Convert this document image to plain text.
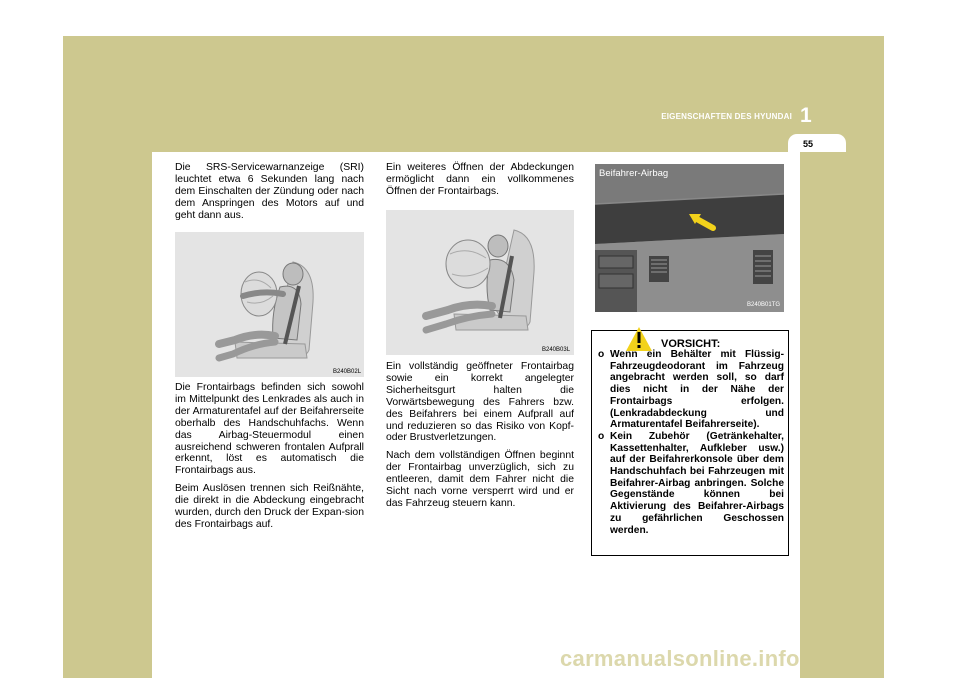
EIGENSCHAFTEN DES HYUNDAI 1
55

Die SRS-Servicewarnanzeige (SRI) leuchtet etwa 6 Sekunden lang nach dem Einschalten der Zündung oder nach dem Anspringen des Motors auf und geht dann aus.

B240B02L

Die Frontairbags befinden sich sowohl im Mittelpunkt des Lenkrades als auch in der Armaturentafel auf der Beifahrerseite oberhalb des Handschuhfachs. Wenn das Airbag-Steuermodul einen ausreichend schweren frontalen Aufprall erkennt, löst es automatisch die Frontairbags aus.

Beim Auslösen trennen sich Reißnähte, die direkt in die Abdeckung eingebracht wurden, durch den Druck der Expan-sion des Frontairbags auf.

Ein weiteres Öffnen der Abdeckungen ermöglicht dann ein vollkommenes Öffnen der Frontairbags.

B240B03L

Ein vollständig geöffneter Frontairbag sowie ein korrekt angelegter Sicherheitsgurt halten die Vorwärtsbewegung des Fahrers bzw. des Beifahrers bei einem Aufprall auf und reduzieren so das Risiko von Kopf- oder Brustverletzungen.

Nach dem vollständigen Öffnen beginnt der Frontairbag unverzüglich, sich zu entleeren, damit dem Fahrer nicht die Sicht nach vorne versperrt wird und er das Fahrzeug steuern kann.

Beifahrer-Airbag
B240B01TG
VORSICHT:
o Wenn ein Behälter mit Flüssig-Fahrzeugdeodorant im Fahrzeug angebracht werden soll, so darf dies nicht in der Nähe der Frontairbags erfolgen. (Lenkradabdeckung und Armaturentafel Beifahrerseite).
o Kein Zubehör (Getränkehalter, Kassettenhalter, Aufkleber usw.) auf der Beifahrerkonsole über dem Handschuhfach bei Fahrzeugen mit Beifahrer-Airbag anbringen. Solche Gegenstände können bei Aktivierung des Beifahrer-Airbags zu gefährlichen Geschossen werden.
carmanualsonline.info
